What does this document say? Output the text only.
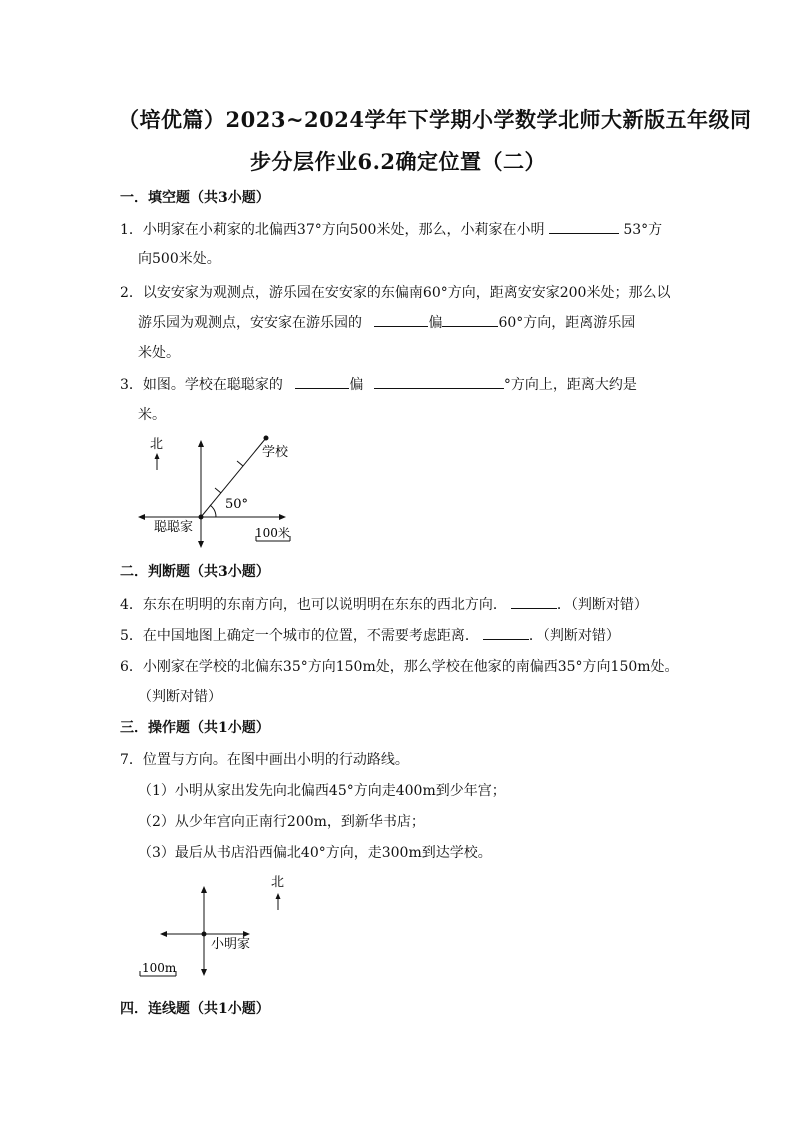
（培优篇）2023~2024学年下学期小学数学北师大新版五年级同
步分层作业6.2确定位置（二）
一．填空题（共3小题）
1．小明家在小莉家的北偏西37°方向500米处，那么，小莉家在小明	53°方
向500米处。
2．以安安家为观测点，游乐园在安安家的东偏南60°方向，距离安安家200米处；那么以
游乐园为观测点，安安家在游乐园的	偏	60°方向，距离游乐园
米处。
3．如图。学校在聪聪家的	偏	°方向上，距离大约是
米。
北
学校
50°
聪聪家	100米
二．判断题（共3小题）
4．东东在明明的东南方向，也可以说明明在东东的西北方向．	．（判断对错）
5．在中国地图上确定一个城市的位置，不需要考虑距离．	．（判断对错）
6．小刚家在学校的北偏东35°方向150m处，那么学校在他家的南偏西35°方向150m处。
（判断对错）
三．操作题（共1小题）
7．位置与方向。在图中画出小明的行动路线。
（1）小明从家出发先向北偏西45°方向走400m到少年宫；
（2）从少年宫向正南行200m，到新华书店；
（3）最后从书店沿西偏北40°方向，走300m到达学校。
北
小明家
100m
四．连线题（共1小题）
